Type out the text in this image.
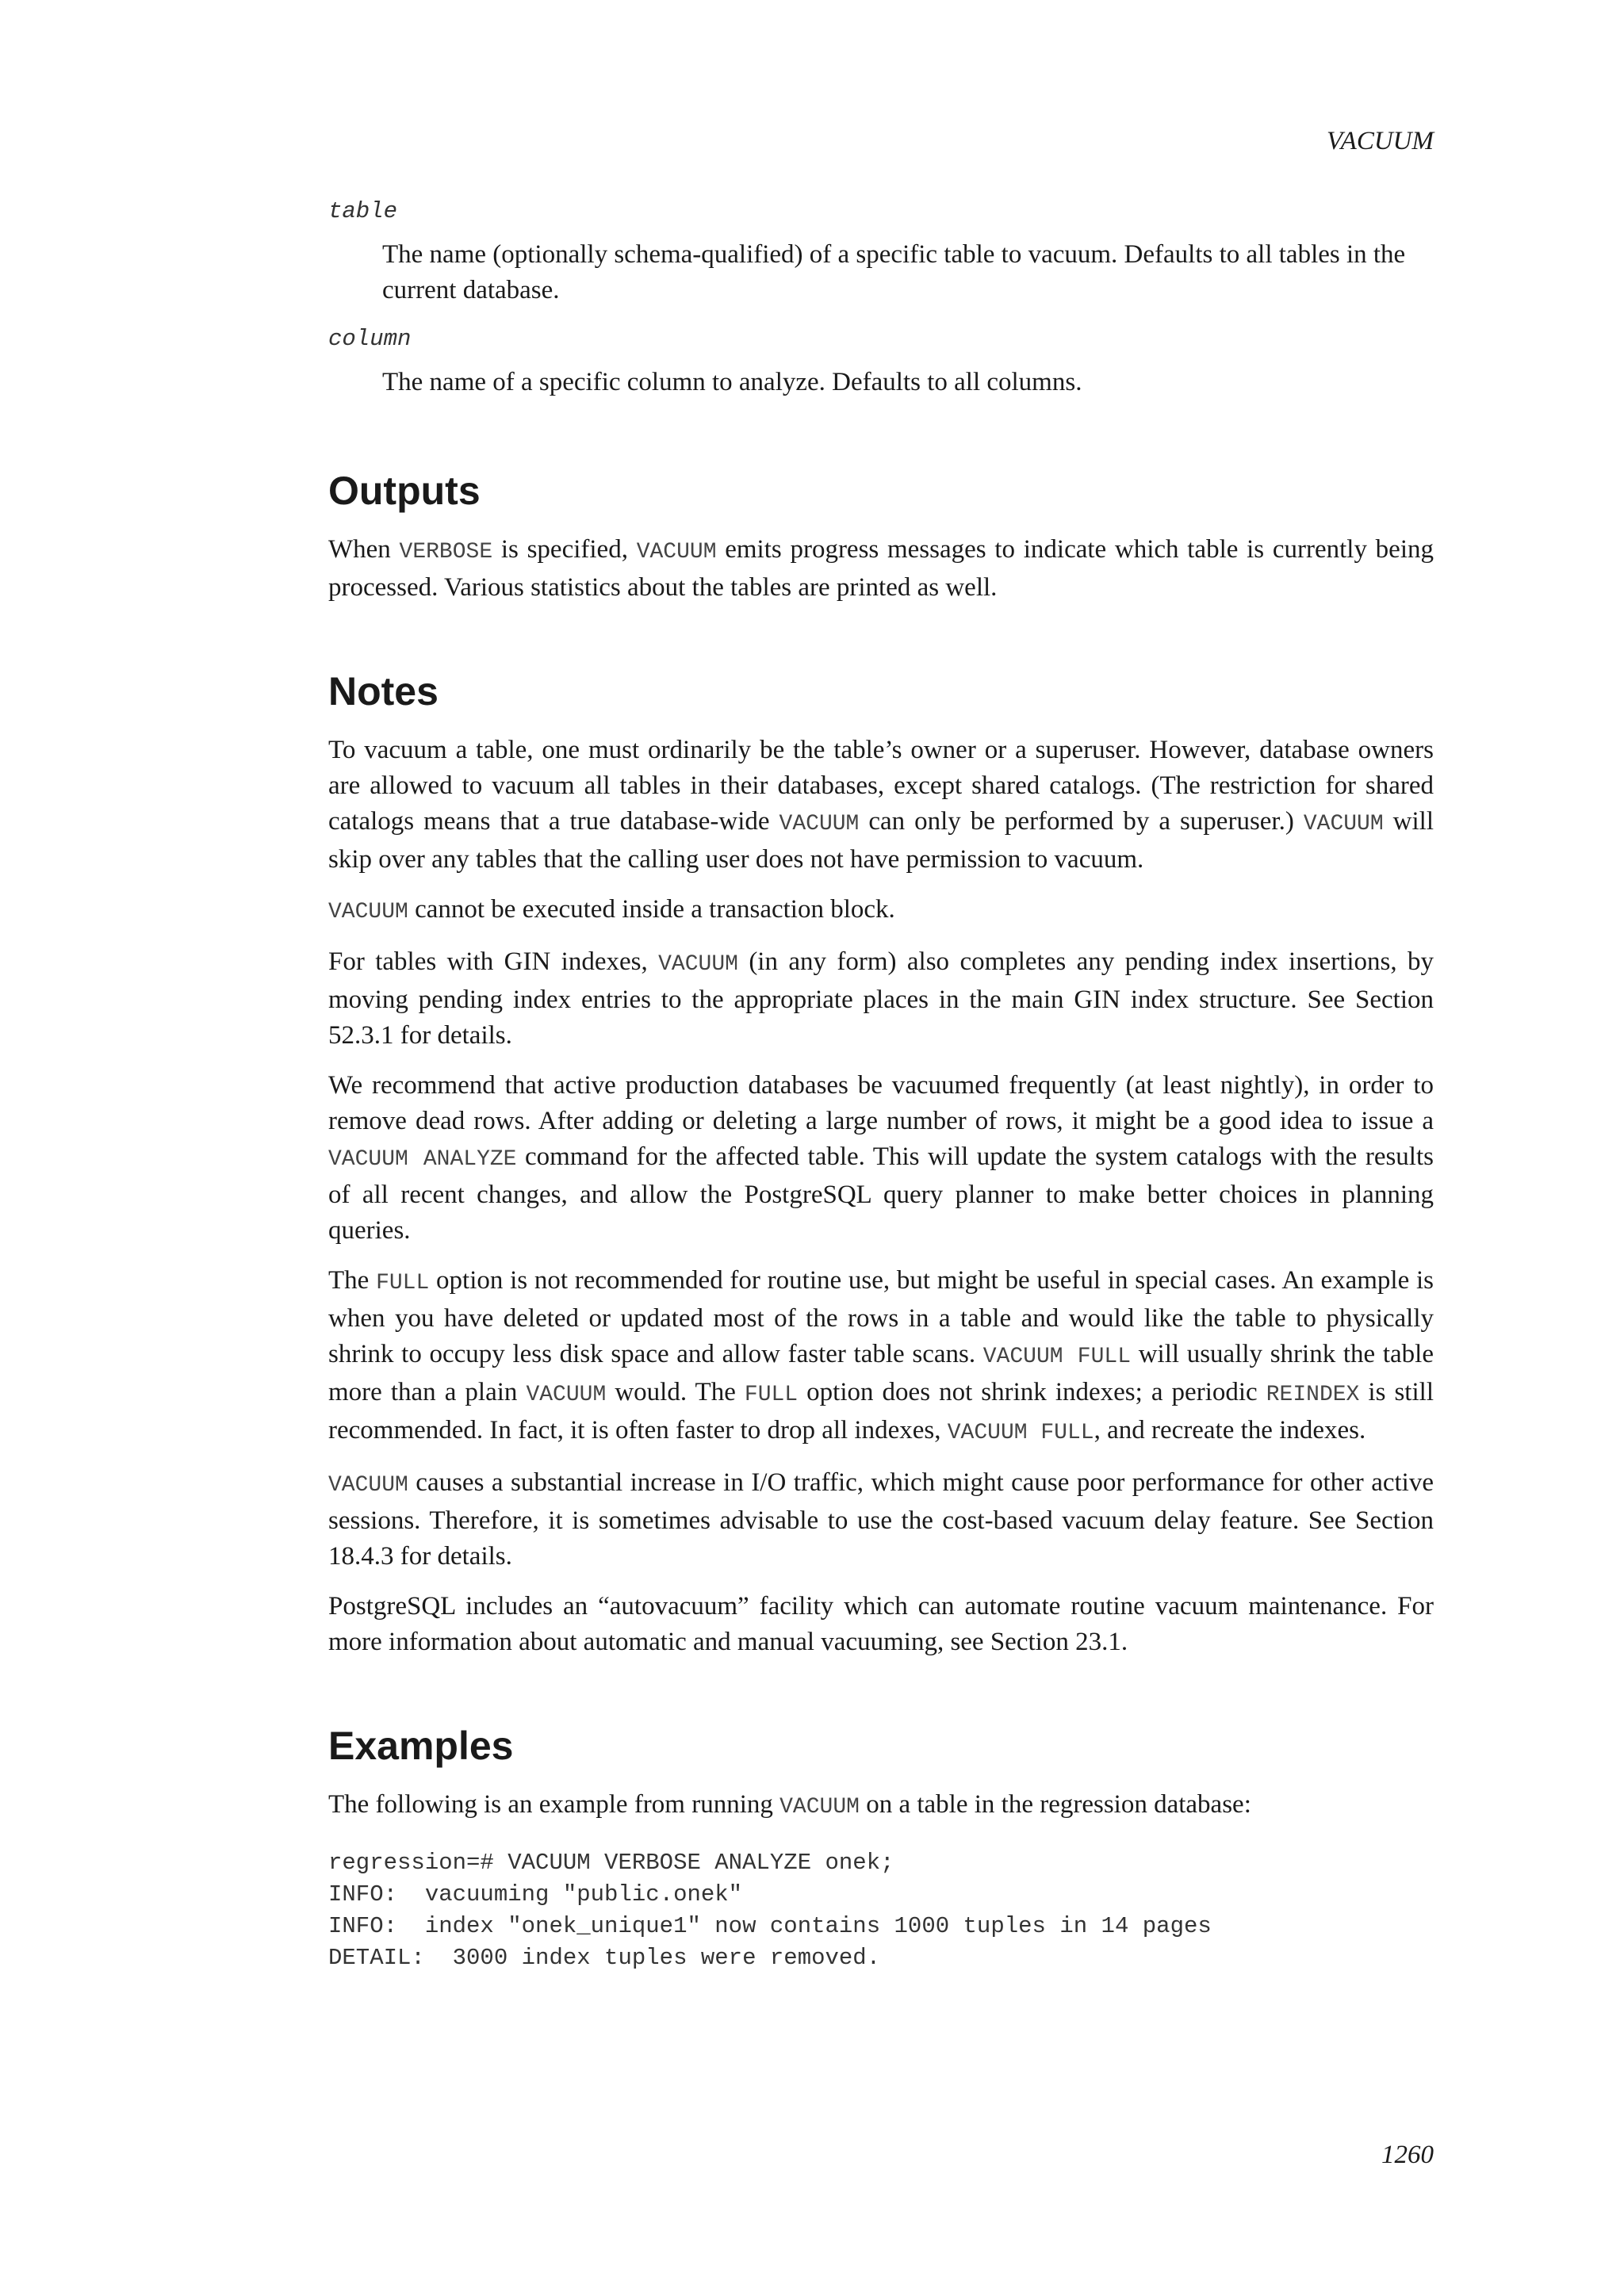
VACUUM
table
The name (optionally schema-qualified) of a specific table to vacuum. Defaults to all tables in the current database.
column
The name of a specific column to analyze. Defaults to all columns.
Outputs

When VERBOSE is specified, VACUUM emits progress messages to indicate which table is currently being processed. Various statistics about the tables are printed as well.

Notes

To vacuum a table, one must ordinarily be the table’s owner or a superuser. However, database owners are allowed to vacuum all tables in their databases, except shared catalogs. (The restriction for shared catalogs means that a true database-wide VACUUM can only be performed by a superuser.) VACUUM will skip over any tables that the calling user does not have permission to vacuum.

VACUUM cannot be executed inside a transaction block.

For tables with GIN indexes, VACUUM (in any form) also completes any pending index insertions, by moving pending index entries to the appropriate places in the main GIN index structure. See Section 52.3.1 for details.

We recommend that active production databases be vacuumed frequently (at least nightly), in order to remove dead rows. After adding or deleting a large number of rows, it might be a good idea to issue a VACUUM ANALYZE command for the affected table. This will update the system catalogs with the results of all recent changes, and allow the PostgreSQL query planner to make better choices in planning queries.

The FULL option is not recommended for routine use, but might be useful in special cases. An example is when you have deleted or updated most of the rows in a table and would like the table to physically shrink to occupy less disk space and allow faster table scans. VACUUM FULL will usually shrink the table more than a plain VACUUM would. The FULL option does not shrink indexes; a periodic REINDEX is still recommended. In fact, it is often faster to drop all indexes, VACUUM FULL, and recreate the indexes.

VACUUM causes a substantial increase in I/O traffic, which might cause poor performance for other active sessions. Therefore, it is sometimes advisable to use the cost-based vacuum delay feature. See Section 18.4.3 for details.

PostgreSQL includes an “autovacuum” facility which can automate routine vacuum maintenance. For more information about automatic and manual vacuuming, see Section 23.1.

Examples

The following is an example from running VACUUM on a table in the regression database:

regression=# VACUUM VERBOSE ANALYZE onek;
INFO:  vacuuming "public.onek"
INFO:  index "onek_unique1" now contains 1000 tuples in 14 pages
DETAIL:  3000 index tuples were removed.
1260
